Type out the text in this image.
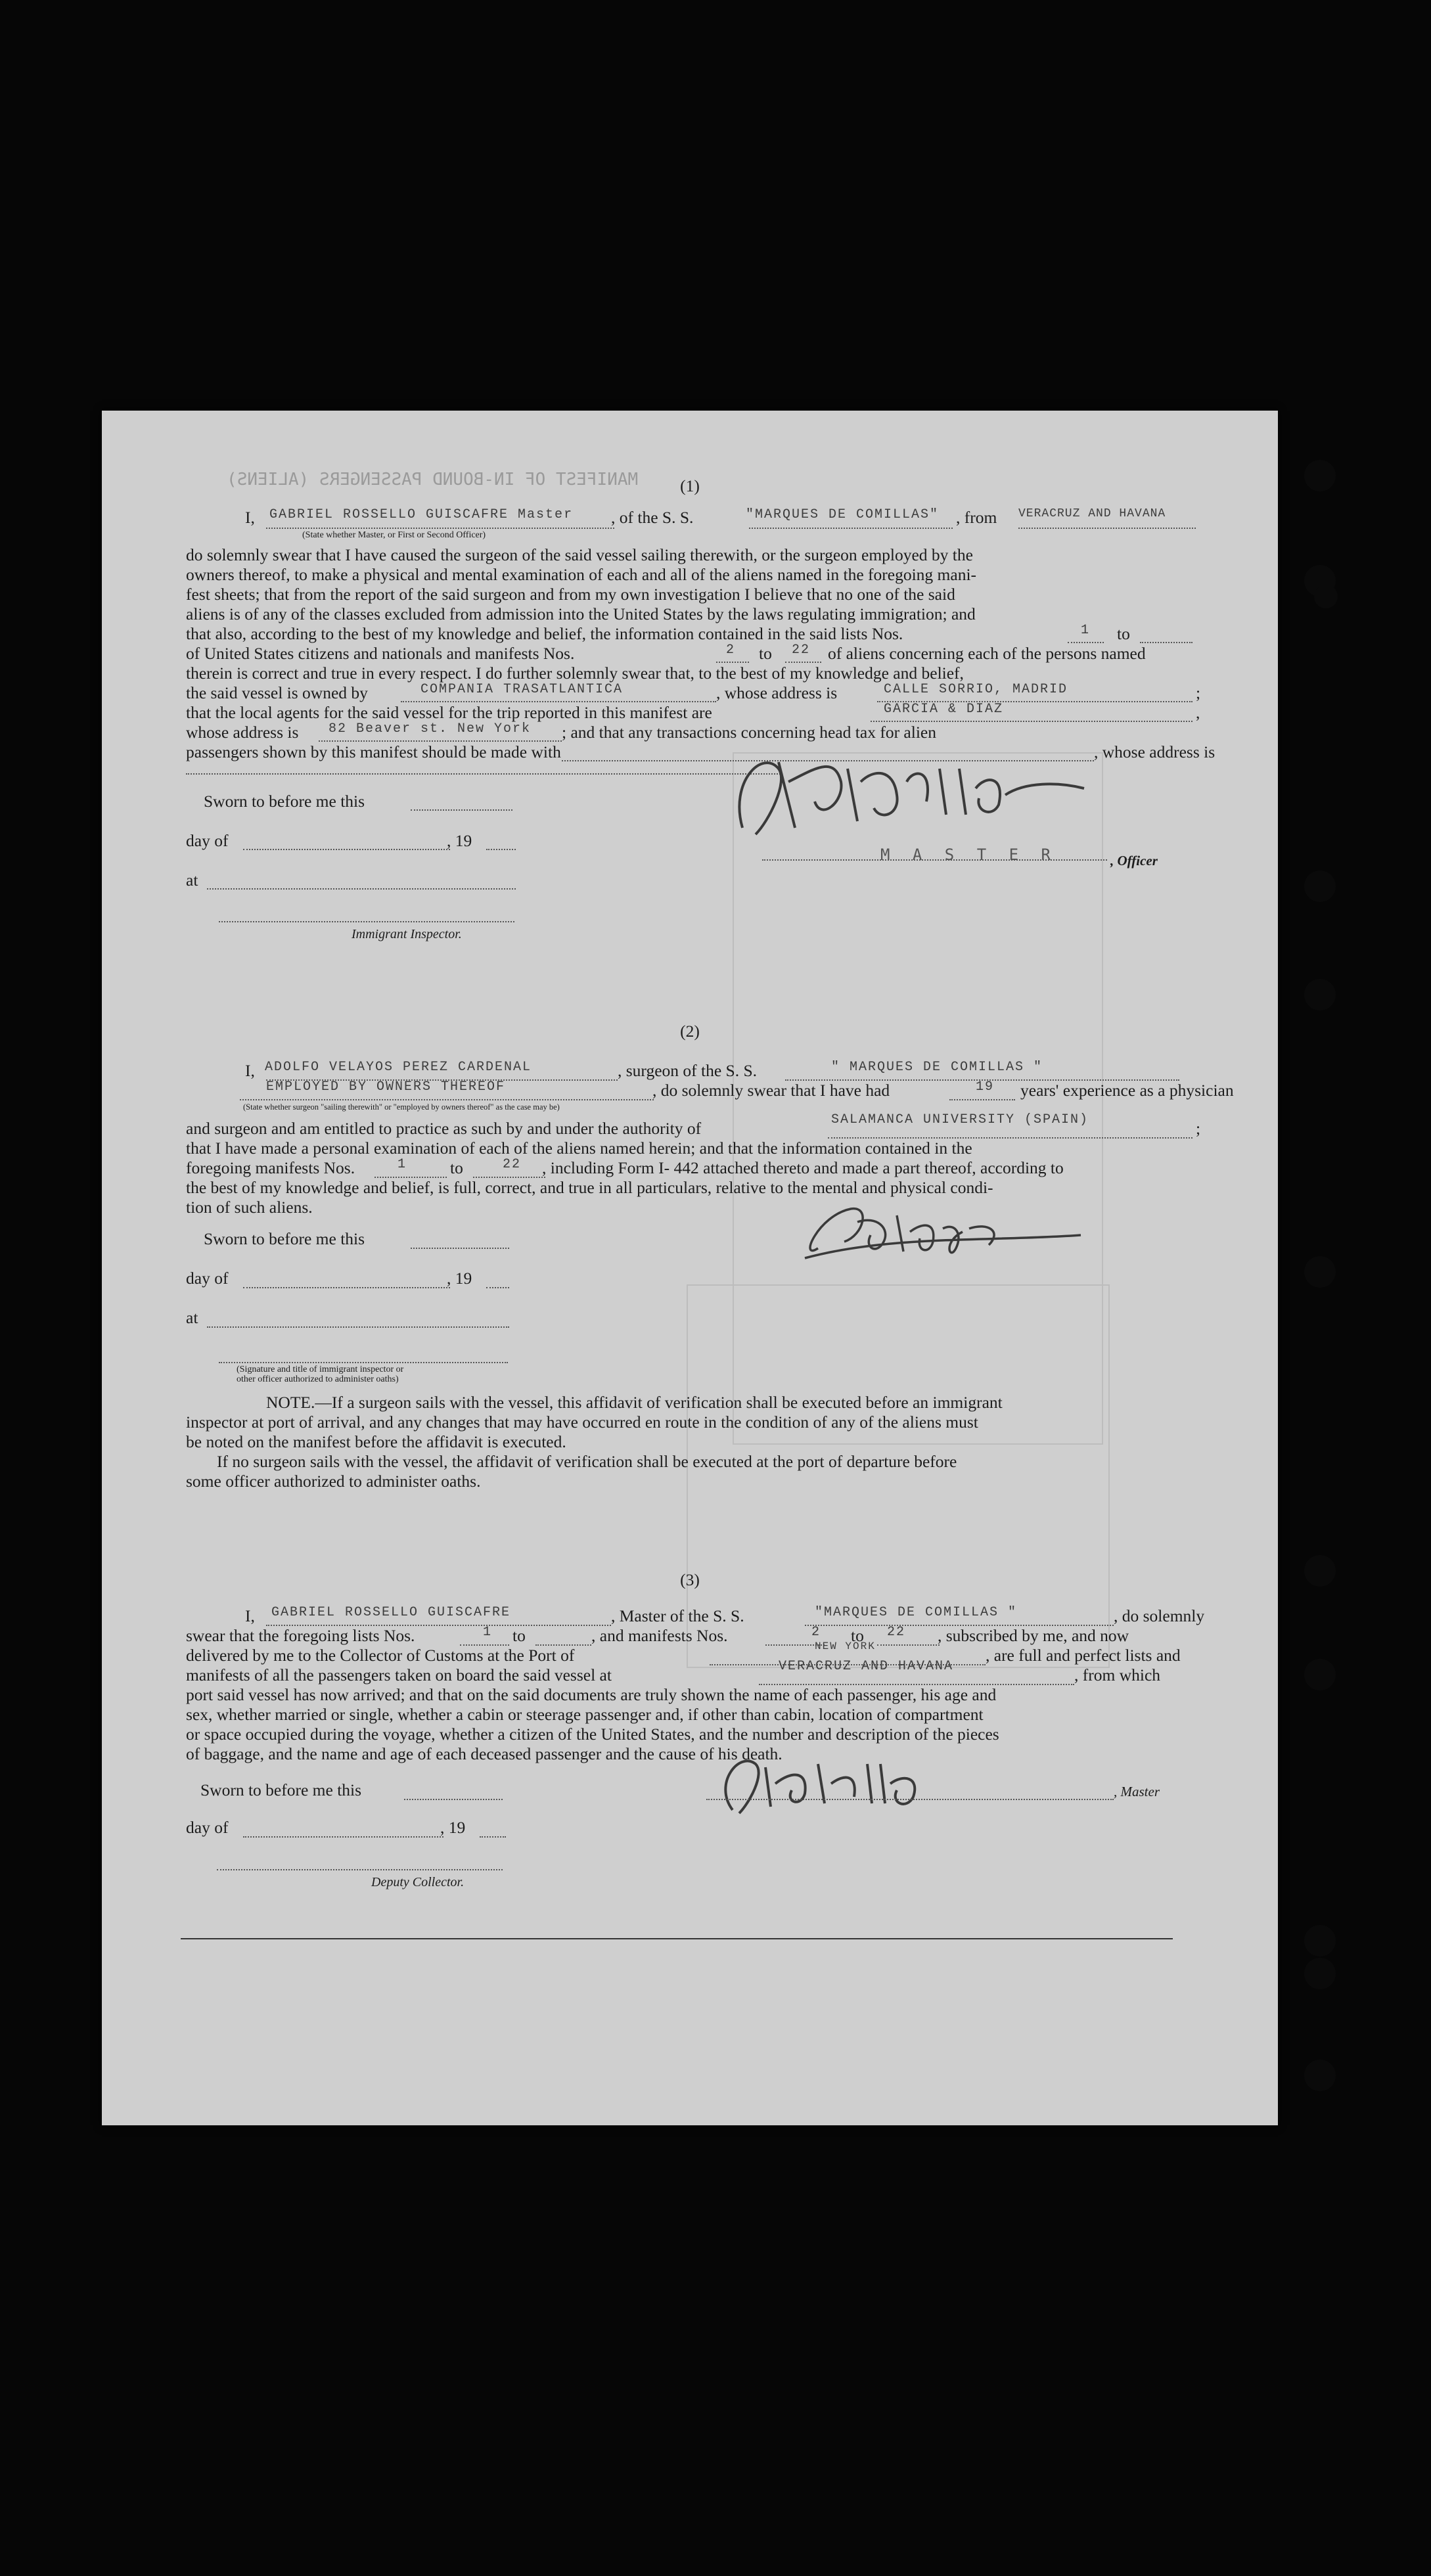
MANIFEST OF IN-BOUND PASSENGERS (ALIENS)	(1)
I, GABRIEL ROSSELLO GUISCAFRE Master , of the S. S.	"MARQUES DE COMILLAS" , from VERACRUZ AND HAVANA
(State whether Master, or First or Second Officer)
do solemnly swear that I have caused the surgeon of the said vessel sailing therewith, or the surgeon employed by the
owners thereof, to make a physical and mental examination of each and all of the aliens named in the foregoing mani-
fest sheets; that from the report of the said surgeon and from my own investigation I believe that no one of the said
aliens is of any of the classes excluded from admission into the United States by the laws regulating immigration; and
that also, according to the best of my knowledge and belief, the information contained in the said lists Nos.	1 to
of United States citizens and nationals and manifests Nos.	2 to 22 of aliens concerning each of the persons named
therein is correct and true in every respect. I do further solemnly swear that, to the best of my knowledge and belief,
the said vessel is owned by	COMPANIA TRASATLANTICA	, whose address is	CALLE SORRIO, MADRID	;
that the local agents for the said vessel for the trip reported in this manifest are	GARCIA & DIAZ	,
whose address is 82 Beaver st. New York ; and that any transactions concerning head tax for alien
passengers shown by this manifest should be made with	, whose address is
Sworn to before me this
day of	, 19
at
Immigrant Inspector.
M A S T E R	, Officer
(2)
I, ADOLFO VELAYOS PEREZ CARDENAL	, surgeon of the S. S.	" MARQUES DE COMILLAS "
EMPLOYED BY OWNERS THEREOF	, do solemnly swear that I have had	19 years' experience as a physician
(State whether surgeon "sailing therewith" or "employed by owners thereof" as the case may be)
and surgeon and am entitled to practice as such by and under the authority of	SALAMANCA UNIVERSITY (SPAIN)	;
that I have made a personal examination of each of the aliens named herein; and that the information contained in the
foregoing manifests Nos.	1	to	22 , including Form I- 442 attached thereto and made a part thereof, according to
the best of my knowledge and belief, is full, correct, and true in all particulars, relative to the mental and physical condi-
tion of such aliens.
Sworn to before me this
day of	, 19
at
(Signature and title of immigrant inspector or
other officer authorized to administer oaths)
NOTE.—If a surgeon sails with the vessel, this affidavit of verification shall be executed before an immigrant
inspector at port of arrival, and any changes that may have occurred en route in the condition of any of the aliens must
be noted on the manifest before the affidavit is executed.
If no surgeon sails with the vessel, the affidavit of verification shall be executed at the port of departure before
some officer authorized to administer oaths.
(3)
I, GABRIEL ROSSELLO GUISCAFRE	, Master of the S. S.	"MARQUES DE COMILLAS "	, do solemnly
swear that the foregoing lists Nos.	1 to	, and manifests Nos.	2 to 22 , subscribed by me, and now
delivered by me to the Collector of Customs at the Port of	NEW YORK	, are full and perfect lists and
manifests of all the passengers taken on board the said vessel at	VERACRUZ AND HAVANA	, from which
port said vessel has now arrived; and that on the said documents are truly shown the name of each passenger, his age and
sex, whether married or single, whether a cabin or steerage passenger and, if other than cabin, location of compartment
or space occupied during the voyage, whether a citizen of the United States, and the number and description of the pieces
of baggage, and the name and age of each deceased passenger and the cause of his death.
Sworn to before me this	, Master
day of	, 19
Deputy Collector.
